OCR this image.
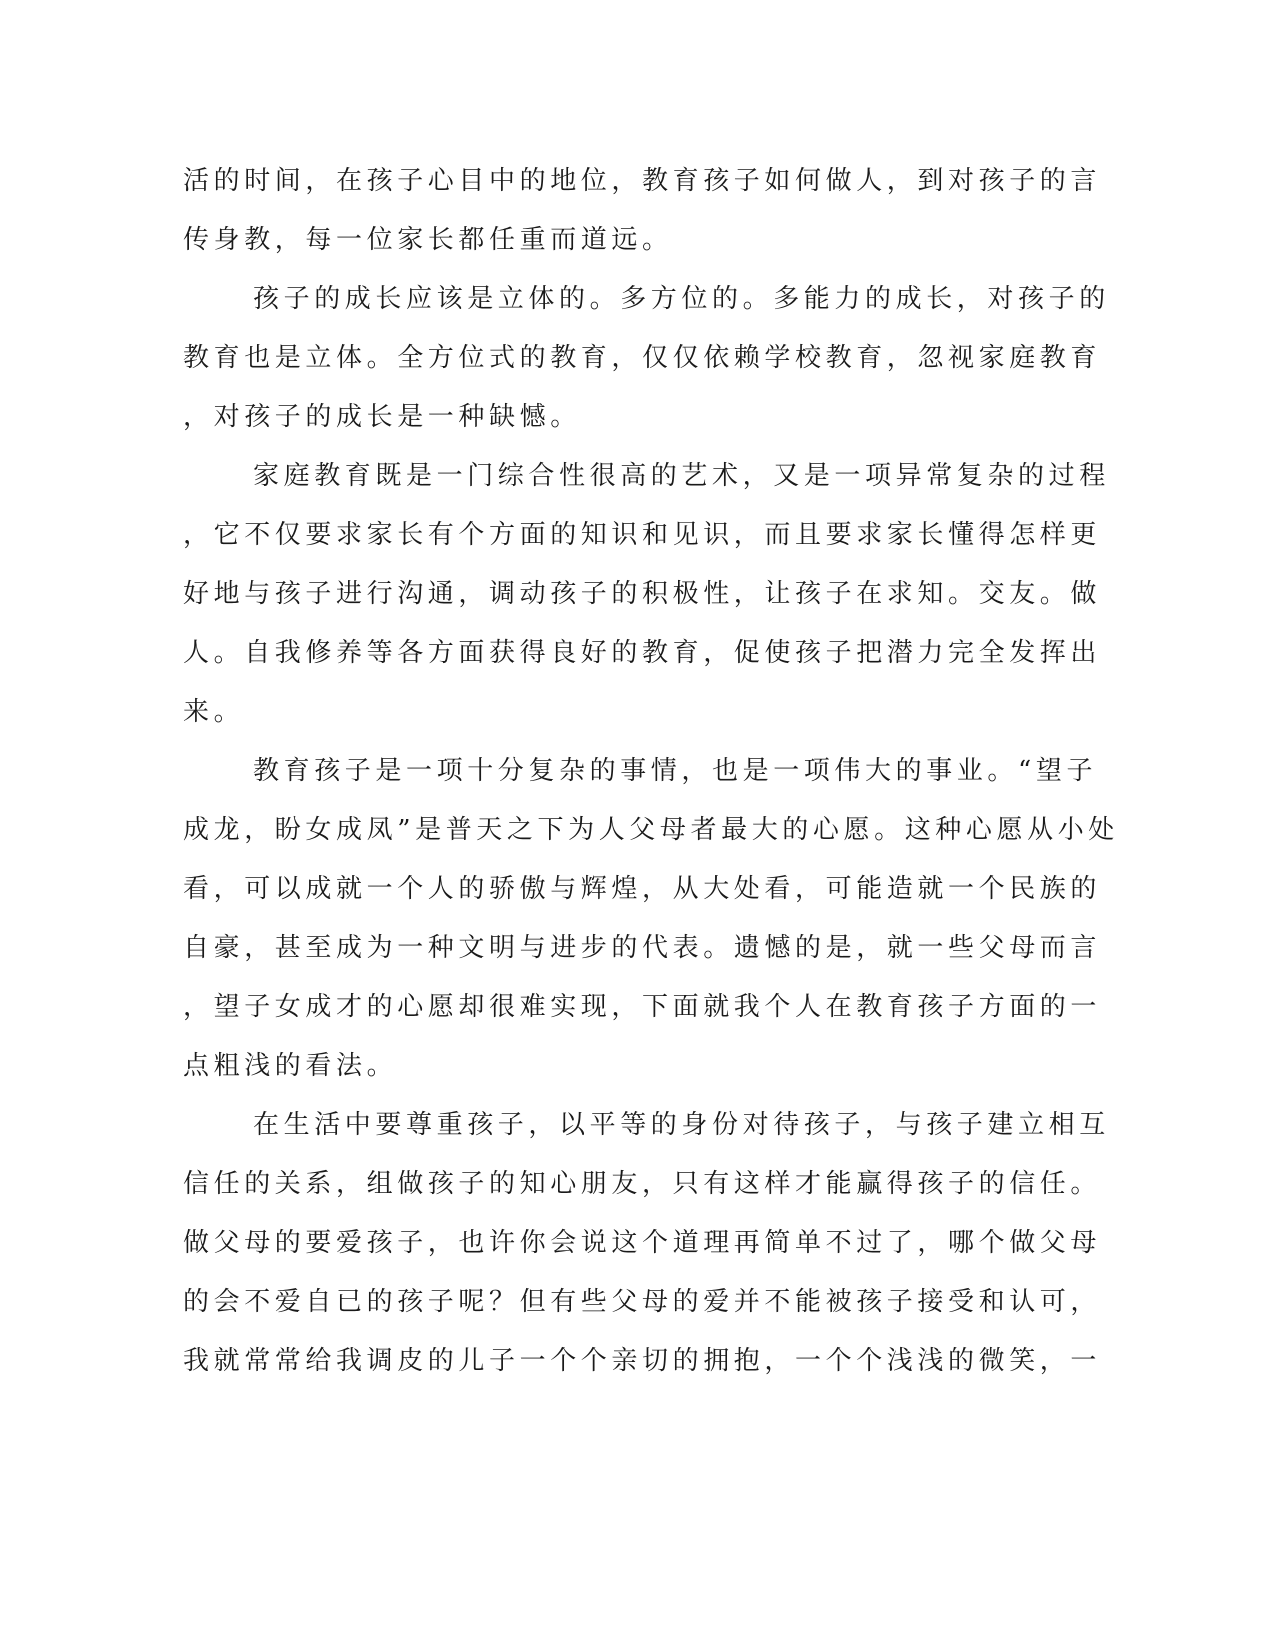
活的时间，在孩子心目中的地位，教育孩子如何做人，到对孩子的言
传身教，每一位家长都任重而道远。
孩子的成长应该是立体的。多方位的。多能力的成长，对孩子的
教育也是立体。全方位式的教育，仅仅依赖学校教育，忽视家庭教育
，对孩子的成长是一种缺憾。
家庭教育既是一门综合性很高的艺术，又是一项异常复杂的过程
，它不仅要求家长有个方面的知识和见识，而且要求家长懂得怎样更
好地与孩子进行沟通，调动孩子的积极性，让孩子在求知。交友。做
人。自我修养等各方面获得良好的教育，促使孩子把潜力完全发挥出
来。
教育孩子是一项十分复杂的事情，也是一项伟大的事业。“望子
成龙，盼女成凤”是普天之下为人父母者最大的心愿。这种心愿从小处
看，可以成就一个人的骄傲与辉煌，从大处看，可能造就一个民族的
自豪，甚至成为一种文明与进步的代表。遗憾的是，就一些父母而言
，望子女成才的心愿却很难实现，下面就我个人在教育孩子方面的一
点粗浅的看法。
在生活中要尊重孩子，以平等的身份对待孩子，与孩子建立相互
信任的关系，组做孩子的知心朋友，只有这样才能赢得孩子的信任。
做父母的要爱孩子，也许你会说这个道理再简单不过了，哪个做父母
的会不爱自已的孩子呢？但有些父母的爱并不能被孩子接受和认可，
我就常常给我调皮的儿子一个个亲切的拥抱，一个个浅浅的微笑，一
